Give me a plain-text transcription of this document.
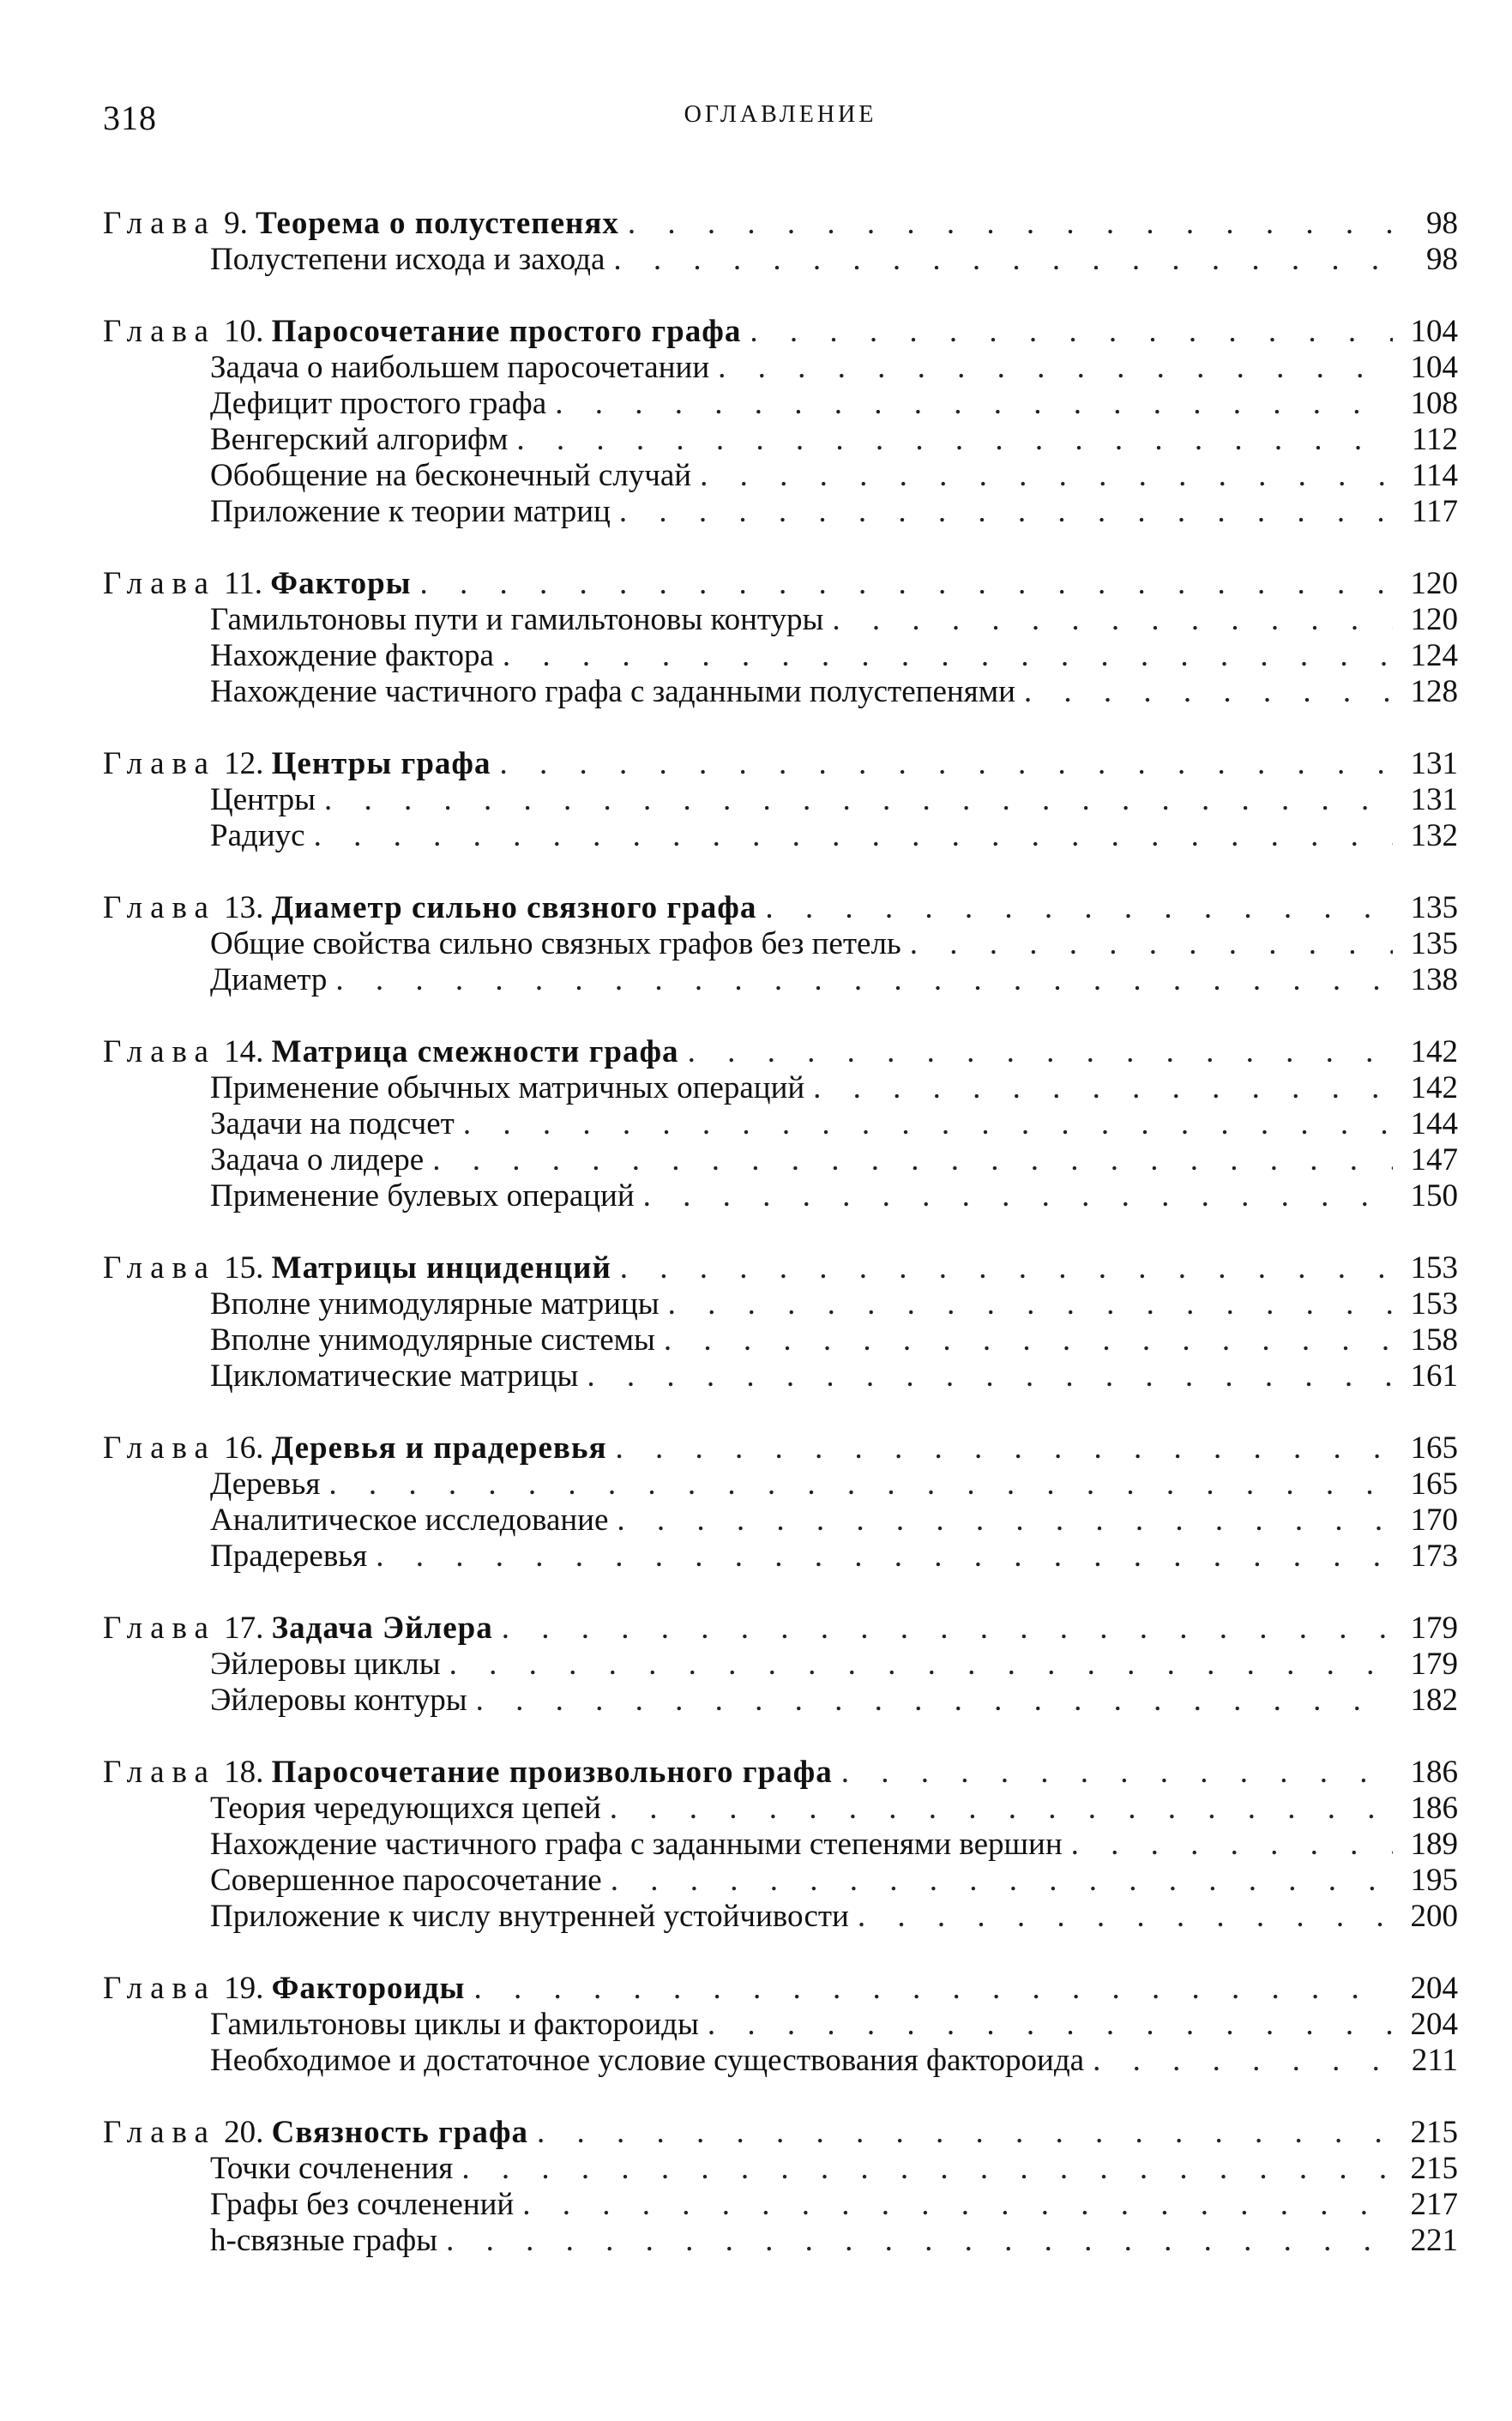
318	ОГЛАВЛЕНИЕ
Глава 9. Теорема о полустепенях . . .	98
Полустепени исхода и захода . . .	98
Глава 10. Паросочетание простого графа . . .	104
Задача о наибольшем паросочетании . . .	104
Дефицит простого графа . . .	108
Венгерский алгорифм . . .	112
Обобщение на бесконечный случай . . .	114
Приложение к теории матриц . . .	117
Глава 11. Факторы . . .	120
Гамильтоновы пути и гамильтоновы контуры . . .	120
Нахождение фактора . . .	124
Нахождение частичного графа с заданными полустепенями . . .	128
Глава 12. Центры графа . . .	131
Центры . . .	131
Радиус . . .	132
Глава 13. Диаметр сильно связного графа . . .	135
Общие свойства сильно связных графов без петель . . .	135
Диаметр . . .	138
Глава 14. Матрица смежности графа . . .	142
Применение обычных матричных операций . . .	142
Задачи на подсчет . . .	144
Задача о лидере . . .	147
Применение булевых операций . . .	150
Глава 15. Матрицы инциденций . . .	153
Вполне унимодулярные матрицы . . .	153
Вполне унимодулярные системы . . .	158
Цикломатические матрицы . . .	161
Глава 16. Деревья и прадеревья . . .	165
Деревья . . .	165
Аналитическое исследование . . .	170
Прадеревья . . .	173
Глава 17. Задача Эйлера . . .	179
Эйлеровы циклы . . .	179
Эйлеровы контуры . . .	182
Глава 18. Паросочетание произвольного графа . . .	186
Теория чередующихся цепей . . .	186
Нахождение частичного графа с заданными степенями вершин . . .	189
Совершенное паросочетание . . .	195
Приложение к числу внутренней устойчивости . . .	200
Глава 19. Фактороиды . . .	204
Гамильтоновы циклы и фактороиды . . .	204
Необходимое и достаточное условие существования фактороида . . .	211
Глава 20. Связность графа . . .	215
Точки сочленения . . .	215
Графы без сочленений . . .	217
h-связные графы . . .	221
